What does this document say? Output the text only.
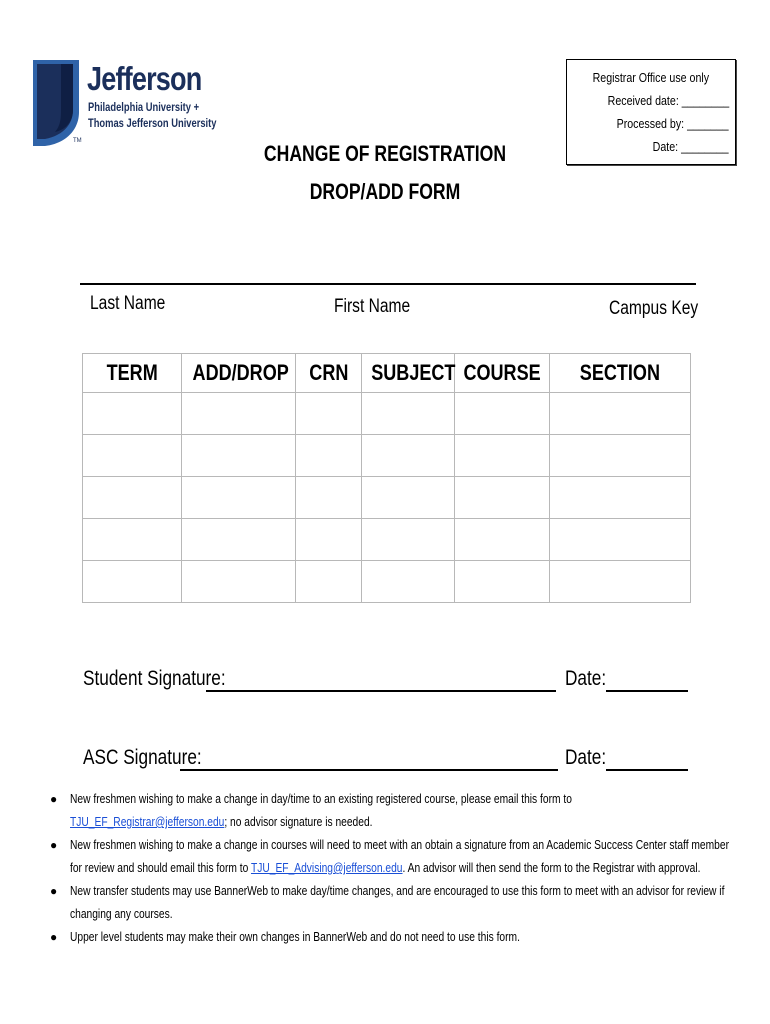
TM
Jefferson
Philadelphia University +
Thomas Jefferson University
Registrar Office use only
Received date: ________
Processed by: _______
Date: ________
CHANGE OF REGISTRATION
DROP/ADD FORM
Last Name	First Name	Campus Key
TERM	ADD/DROP	CRN	SUBJECT	COURSE	SECTION

Student Signature:	Date:
ASC Signature:	Date:
● New freshmen wishing to make a change in day/time to an existing registered course, please email this form to TJU_EF_Registrar@jefferson.edu; no advisor signature is needed.
● New freshmen wishing to make a change in courses will need to meet with an obtain a signature from an Academic Success Center staff member for review and should email this form to TJU_EF_Advising@jefferson.edu. An advisor will then send the form to the Registrar with approval.
● New transfer students may use BannerWeb to make day/time changes, and are encouraged to use this form to meet with an advisor for review if changing any courses.
● Upper level students may make their own changes in BannerWeb and do not need to use this form.
